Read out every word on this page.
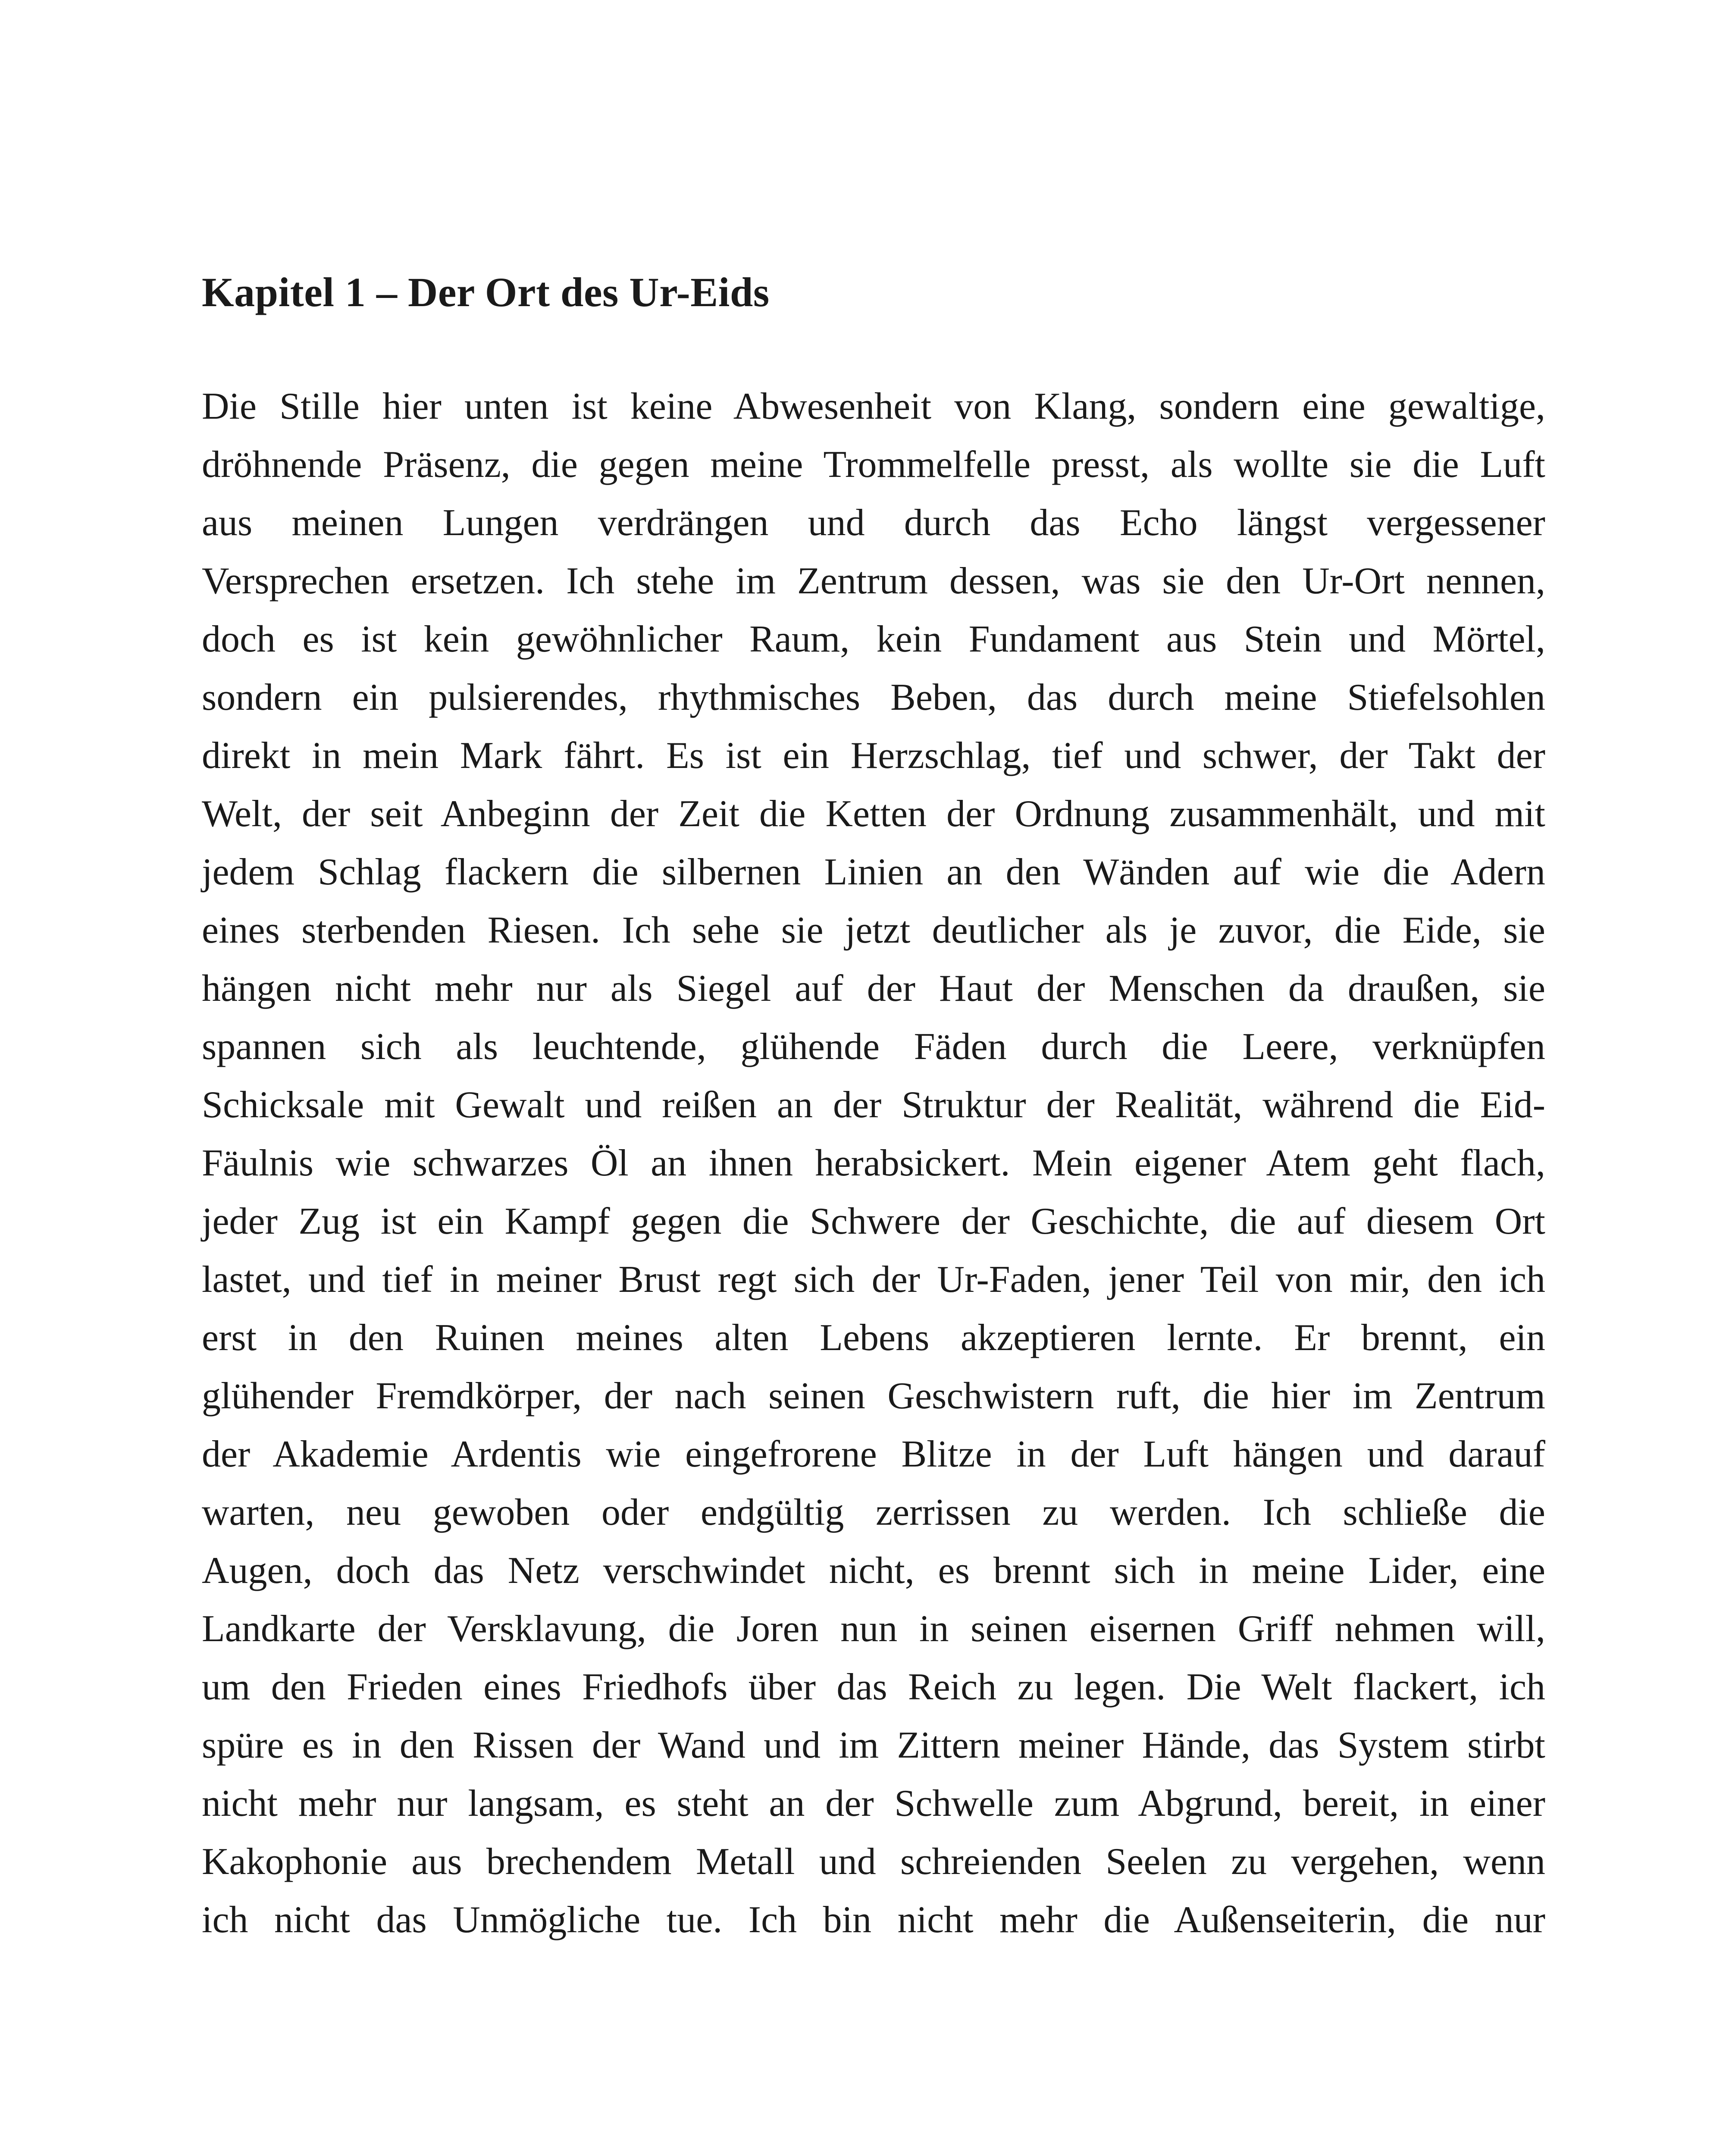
Kapitel 1 – Der Ort des Ur-Eids
Die Stille hier unten ist keine Abwesenheit von Klang, sondern eine gewaltige,
dröhnende Präsenz, die gegen meine Trommelfelle presst, als wollte sie die Luft
aus meinen Lungen verdrängen und durch das Echo längst vergessener
Versprechen ersetzen. Ich stehe im Zentrum dessen, was sie den Ur-Ort nennen,
doch es ist kein gewöhnlicher Raum, kein Fundament aus Stein und Mörtel,
sondern ein pulsierendes, rhythmisches Beben, das durch meine Stiefelsohlen
direkt in mein Mark fährt. Es ist ein Herzschlag, tief und schwer, der Takt der
Welt, der seit Anbeginn der Zeit die Ketten der Ordnung zusammenhält, und mit
jedem Schlag flackern die silbernen Linien an den Wänden auf wie die Adern
eines sterbenden Riesen. Ich sehe sie jetzt deutlicher als je zuvor, die Eide, sie
hängen nicht mehr nur als Siegel auf der Haut der Menschen da draußen, sie
spannen sich als leuchtende, glühende Fäden durch die Leere, verknüpfen
Schicksale mit Gewalt und reißen an der Struktur der Realität, während die Eid-
Fäulnis wie schwarzes Öl an ihnen herabsickert. Mein eigener Atem geht flach,
jeder Zug ist ein Kampf gegen die Schwere der Geschichte, die auf diesem Ort
lastet, und tief in meiner Brust regt sich der Ur-Faden, jener Teil von mir, den ich
erst in den Ruinen meines alten Lebens akzeptieren lernte. Er brennt, ein
glühender Fremdkörper, der nach seinen Geschwistern ruft, die hier im Zentrum
der Akademie Ardentis wie eingefrorene Blitze in der Luft hängen und darauf
warten, neu gewoben oder endgültig zerrissen zu werden. Ich schließe die
Augen, doch das Netz verschwindet nicht, es brennt sich in meine Lider, eine
Landkarte der Versklavung, die Joren nun in seinen eisernen Griff nehmen will,
um den Frieden eines Friedhofs über das Reich zu legen. Die Welt flackert, ich
spüre es in den Rissen der Wand und im Zittern meiner Hände, das System stirbt
nicht mehr nur langsam, es steht an der Schwelle zum Abgrund, bereit, in einer
Kakophonie aus brechendem Metall und schreienden Seelen zu vergehen, wenn
ich nicht das Unmögliche tue. Ich bin nicht mehr die Außenseiterin, die nur
